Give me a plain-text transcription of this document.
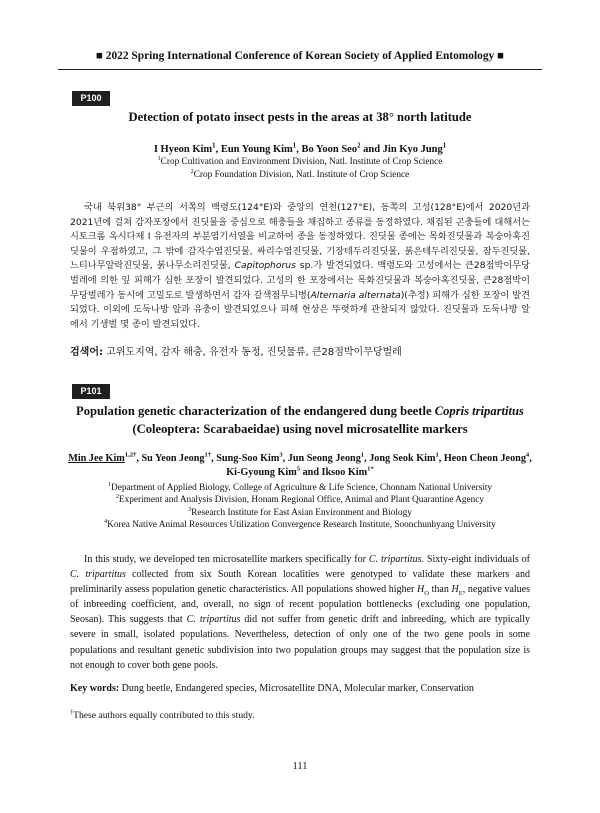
■ 2022 Spring International Conference of Korean Society of Applied Entomology ■
P100
Detection of potato insect pests in the areas at 38° north latitude
I Hyeon Kim$^1$, Eun Young Kim$^1$, Bo Yoon Seo$^2$ and Jin Kyo Jung$^1$
$^1$Crop Cultivation and Environment Division, Natl. Institute of Crop Science
$^2$Crop Foundation Division, Natl. Institute of Crop Science
국내 북위38° 부근의 서쪽의 백령도(124°E)와 중앙의 연천(127°E), 동쪽의 고성(128°E)에서 2020년과 2021년에 걸쳐 감자포장에서 진딧물을 중심으로 해충들을 채집하고 종류를 동정하였다. 채집된 곤충들에 대해서는 시토크롬 옥시다제 I 유전자의 부분염기서열을 비교하여 종을 동정하였다. 진딧물 종에는 목화진딧물과 복숭아혹진딧물이 우점하였고, 그 밖에 감자수염진딧물, 싸리수염진딧물, 기장테두리진딧물, 붉은테두리진딧물, 잠두진딧물, 느티나무알락진딧물, 붉나무소리진딧물, Capitophorus sp.가 발견되었다. 백령도와 고성에서는 큰28점박이무당벌레에 의한 잎 피해가 심한 포장이 발견되었다. 고성의 한 포장에서는 목화진딧물과 복숭아혹진딧물, 큰28점박이무당벌레가 동시에 고밀도로 발생하면서 감자 갈색점무늬병(Alternaria alternata)(추정) 피해가 심한 포장이 발견되었다. 이외에 도둑나방 알과 유충이 발견되었으나 피해 현상은 뚜렷하게 관찰되지 않았다. 진딧물과 도둑나방 알에서 기생벌 몇 종이 발견되었다.
검색어: 고위도지역, 감자 해충, 유전자 동정, 진딧물류, 큰28점박이무당벌레
P101
Population genetic characterization of the endangered dung beetle Copris tripartitus
(Coleoptera: Scarabaeidae) using novel microsatellite markers
Min Jee Kim$^{1,2\dagger}$, Su Yeon Jeong$^{1\dagger}$, Sung-Soo Kim$^3$, Jun Seong Jeong$^1$, Jong Seok Kim$^1$, Heon Cheon Jeong$^4$,
Ki-Gyoung Kim$^5$ and Iksoo Kim$^{1*}$
$^1$Department of Applied Biology, College of Agriculture & Life Science, Chonnam National University
$^2$Experiment and Analysis Division, Honam Regional Office, Animal and Plant Quarantine Agency
$^3$Research Institute for East Asian Environment and Biology
$^4$Korea Native Animal Resources Utilization Convergence Research Institute, Soonchunhyang University
In this study, we developed ten microsatellite markers specifically for C. tripartitus. Sixty-eight individuals of C. tripartitus collected from six South Korean localities were genotyped to validate these markers and preliminarily assess population genetic characteristics. All populations showed higher $H_O$ than $H_E$, negative values of inbreeding coefficient, and, overall, no sign of recent population bottlenecks (excluding one population, Seosan). This suggests that C. tripartitus did not suffer from genetic drift and inbreeding, which are typically severe in small, isolated populations. Nevertheless, detection of only one of the two gene pools in some populations and resultant genetic subdivision into two population groups may suggest that the population size is not enough to cover both gene pools.
Key words: Dung beetle, Endangered species, Microsatellite DNA, Molecular marker, Conservation
†These authors equally contributed to this study.
111
